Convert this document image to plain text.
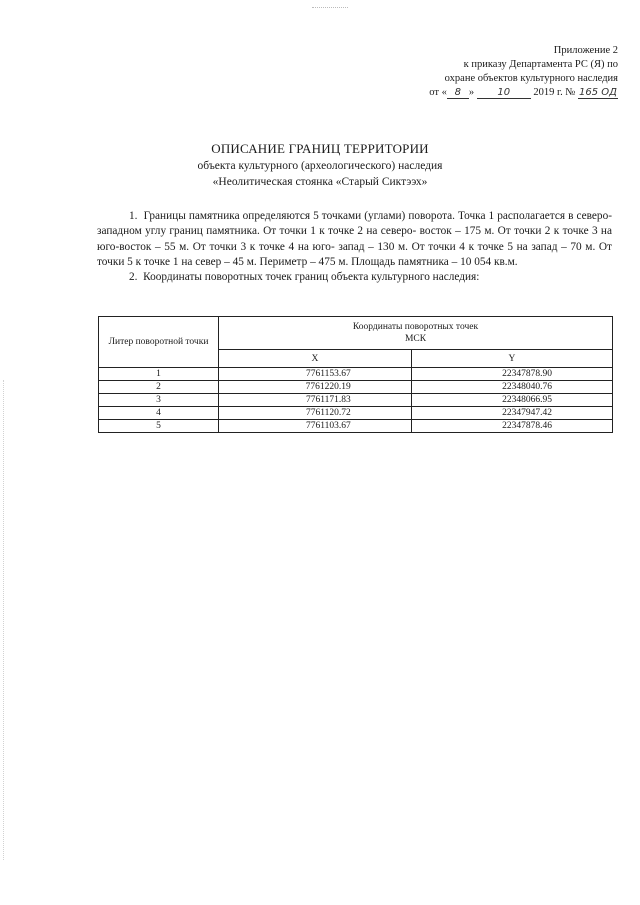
Приложение 2
к приказу Департамента РС (Я) по
охране объектов культурного наследия
от « 8 » 10 2019 г. № 165 ОД
ОПИСАНИЕ ГРАНИЦ ТЕРРИТОРИИ
объекта культурного (археологического) наследия
«Неолитическая стоянка «Старый Сиктээх»

1.  Границы памятника определяются 5 точками (углами) поворота. Точка 1 располагается в северо-западном углу границ памятника. От точки 1 к точке 2 на северо- восток – 175 м. От точки 2 к точке 3 на юго-восток – 55 м. От точки 3 к точке 4 на юго- запад – 130 м. От точки 4 к точке 5 на запад – 70 м. От точки 5 к точке 1 на север – 45 м. Периметр – 475 м. Площадь памятника – 10 054 кв.м.

2.  Координаты поворотных точек границ объекта культурного наследия:

Литер поворотной точки	Координаты поворотных точек
МСК	

	X	Y
1	7761153.67	22347878.90
2	7761220.19	22348040.76
3	7761171.83	22348066.95
4	7761120.72	22347947.42
5	7761103.67	22347878.46
